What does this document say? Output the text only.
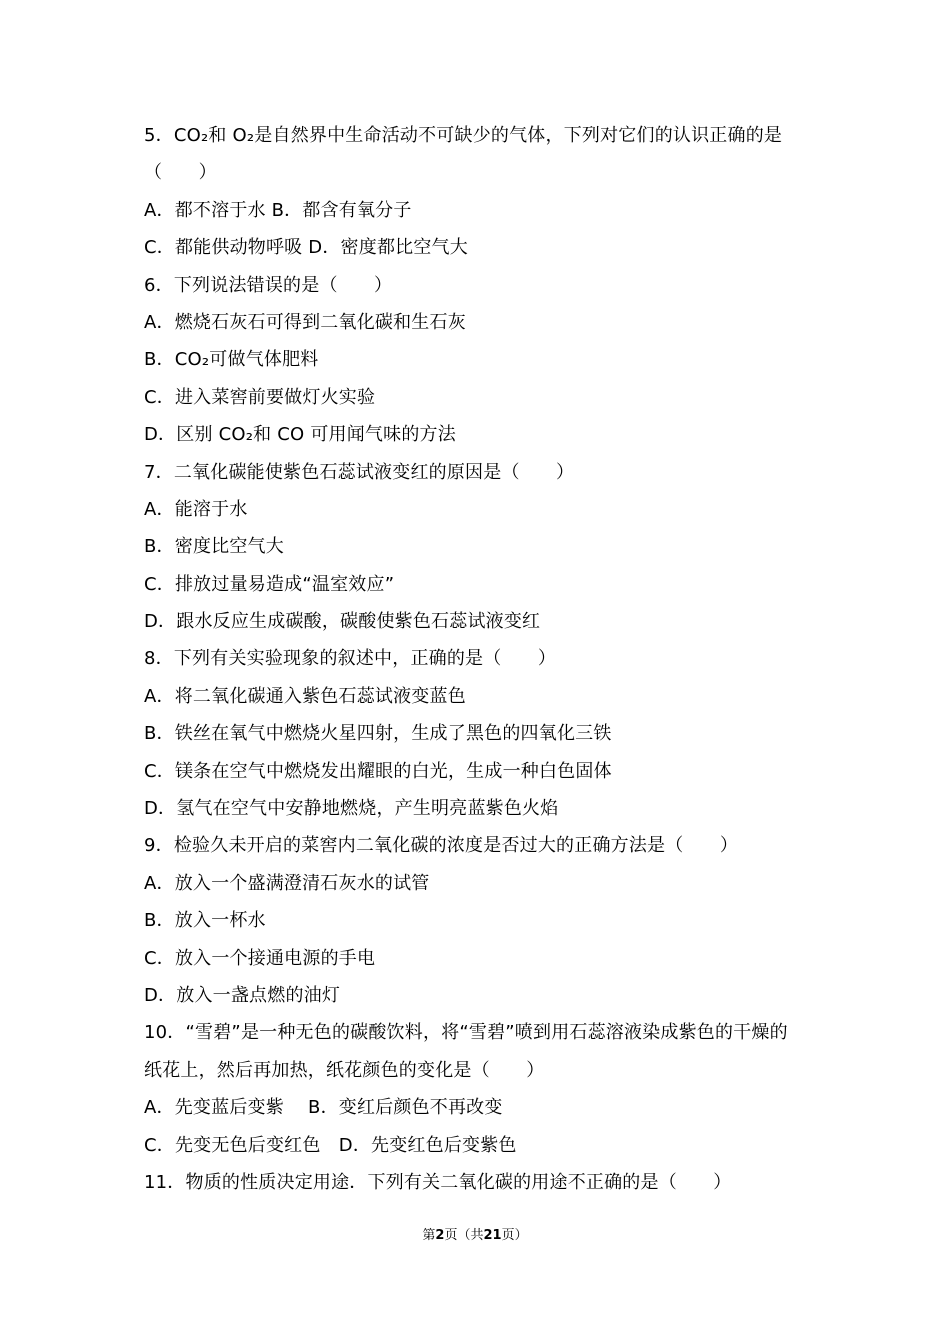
5．CO₂和 O₂是自然界中生命活动不可缺少的气体，下列对它们的认识正确的是
（　　）
A．都不溶于水 B．都含有氧分子
C．都能供动物呼吸 D．密度都比空气大
6．下列说法错误的是（　　）
A．燃烧石灰石可得到二氧化碳和生石灰
B．CO₂可做气体肥料
C．进入菜窖前要做灯火实验
D．区别 CO₂和 CO 可用闻气味的方法
7．二氧化碳能使紫色石蕊试液变红的原因是（　　）
A．能溶于水
B．密度比空气大
C．排放过量易造成“温室效应”
D．跟水反应生成碳酸，碳酸使紫色石蕊试液变红
8．下列有关实验现象的叙述中，正确的是（　　）
A．将二氧化碳通入紫色石蕊试液变蓝色
B．铁丝在氧气中燃烧火星四射，生成了黑色的四氧化三铁
C．镁条在空气中燃烧发出耀眼的白光，生成一种白色固体
D．氢气在空气中安静地燃烧，产生明亮蓝紫色火焰
9．检验久未开启的菜窖内二氧化碳的浓度是否过大的正确方法是（　　）
A．放入一个盛满澄清石灰水的试管
B．放入一杯水
C．放入一个接通电源的手电
D．放入一盏点燃的油灯
10．“雪碧”是一种无色的碳酸饮料，将“雪碧”喷到用石蕊溶液染成紫色的干燥的
纸花上，然后再加热，纸花颜色的变化是（　　）
A．先变蓝后变紫　 B．变红后颜色不再改变
C．先变无色后变红色　D．先变红色后变紫色
11．物质的性质决定用途．下列有关二氧化碳的用途不正确的是（　　）
第2页（共21页）
